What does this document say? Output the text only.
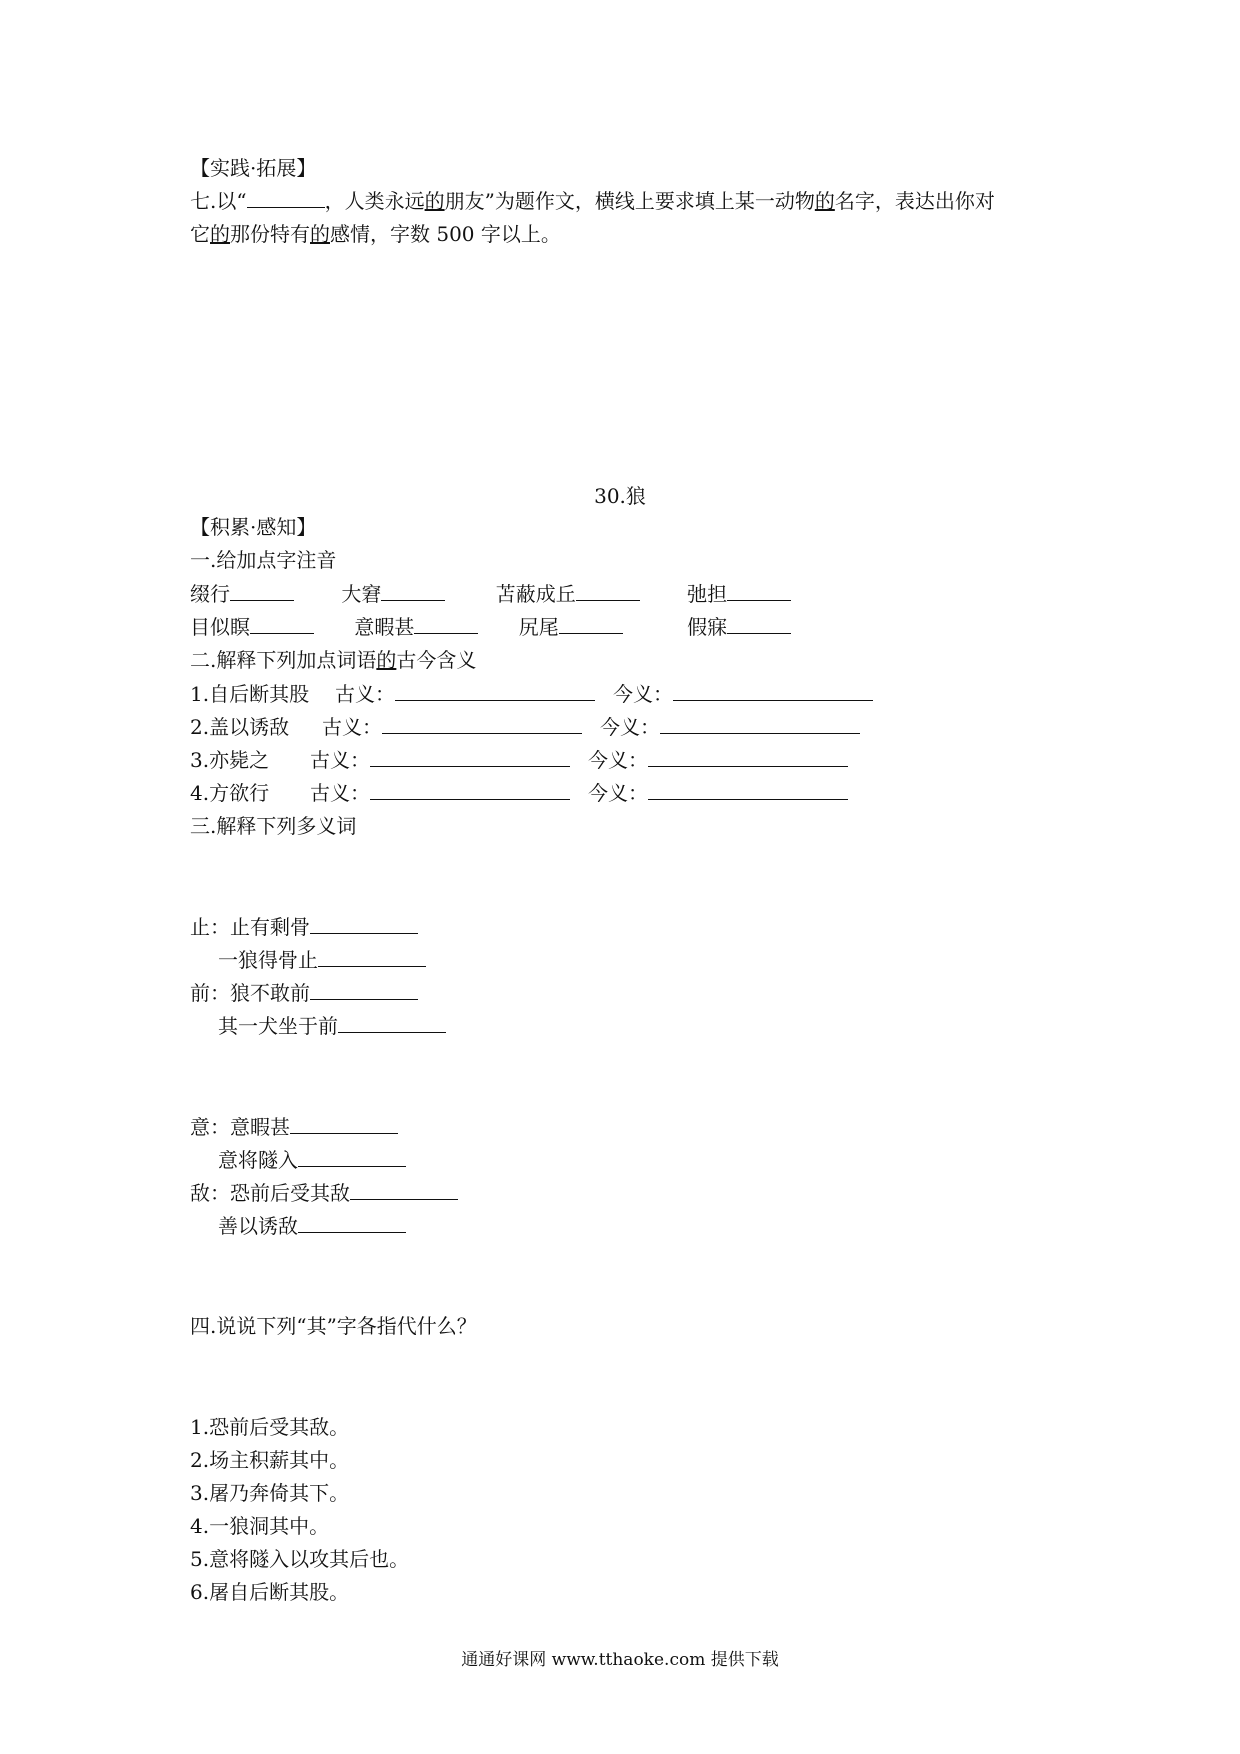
【实践·拓展】
七.以“	，人类永远的朋友”为题作文，横线上要求填上某一动物的名字，表达出你对
它的那份特有的感情，字数 500 字以上。
30.狼
【积累·感知】
一.给加点字注音
缀行	大窘	苫蔽成丘	弛担
目似瞑	意暇甚	尻尾	假寐
二.解释下列加点词语的古今含义
1.自后断其股 古义：	今义：
2.盖以诱敌 古义：	今义：
3.亦毙之 古义：	今义：
4.方欲行 古义：	今义：
三.解释下列多义词
止：止有剩骨
一狼得骨止
前：狼不敢前
其一犬坐于前
意：意暇甚
意将隧入
敌：恐前后受其敌
善以诱敌
四.说说下列“其”字各指代什么？
1.恐前后受其敌。
2.场主积薪其中。
3.屠乃奔倚其下。
4.一狼洞其中。
5.意将隧入以攻其后也。
6.屠自后断其股。
通通好课网 www.tthaoke.com 提供下载
